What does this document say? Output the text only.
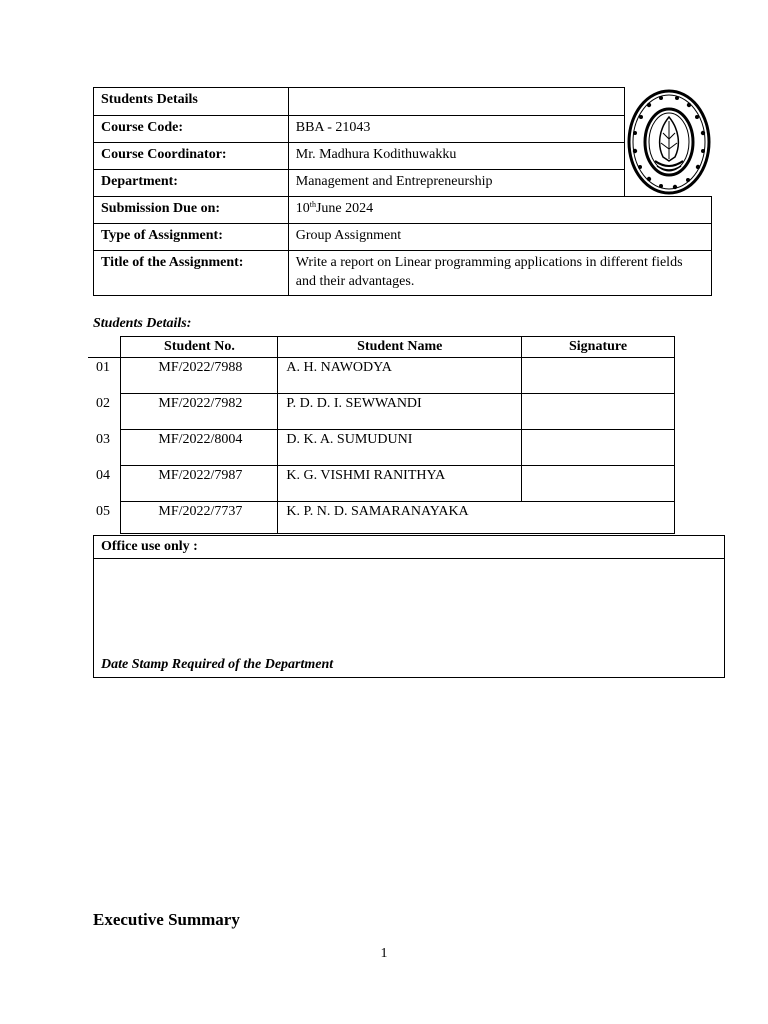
Students Details	
Course Code:	BBA - 21043
Course Coordinator:	Mr. Madhura Kodithuwakku
Department:	Management and Entrepreneurship
Submission Due on:	10thJune 2024
Type of Assignment:	Group Assignment
Title of the Assignment:	Write a report on Linear programming applications in different fields and their advantages.
Students Details:
	Student No.	Student Name	Signature
01	MF/2022/7988	A. H. NAWODYA	
02	MF/2022/7982	P. D. D. I. SEWWANDI	
03	MF/2022/8004	D. K. A. SUMUDUNI	
04	MF/2022/7987	K. G. VISHMI RANITHYA	
05	MF/2022/7737	K. P. N. D. SAMARANAYAKA	
Office use only :
Date Stamp Required of the Department
Executive Summary
1
